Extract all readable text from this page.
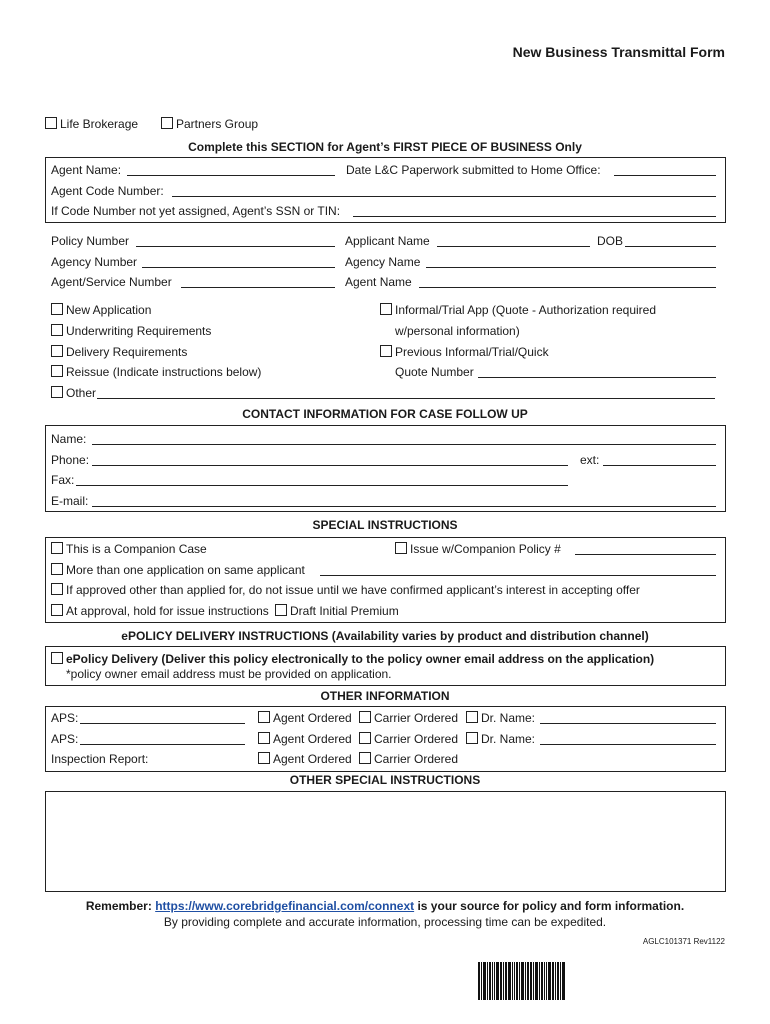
New Business Transmittal Form
Life Brokerage	Partners Group
Complete this SECTION for Agent’s FIRST PIECE OF BUSINESS Only
Agent Name:	Date L&C Paperwork submitted to Home Office:
Agent Code Number:
If Code Number not yet assigned, Agent’s SSN or TIN:
Policy Number	Applicant Name	DOB
Agency Number	Agency Name
Agent/Service Number	Agent Name
New Application
Underwriting Requirements
Delivery Requirements
Reissue (Indicate instructions below)
Other
Informal/Trial App (Quote - Authorization required
w/personal information)
Previous Informal/Trial/Quick
Quote Number
CONTACT INFORMATION FOR CASE FOLLOW UP
Name:
Phone:	ext:
Fax:
E-mail:
SPECIAL INSTRUCTIONS
This is a Companion Case	Issue w/Companion Policy #
More than one application on same applicant
If approved other than applied for, do not issue until we have confirmed applicant’s interest in accepting offer
At approval, hold for issue instructions	Draft Initial Premium
ePOLICY DELIVERY INSTRUCTIONS (Availability varies by product and distribution channel)
ePolicy Delivery (Deliver this policy electronically to the policy owner email address on the application)
*policy owner email address must be provided on application.
OTHER INFORMATION
APS:	Agent Ordered	Carrier Ordered	Dr. Name:
APS:	Agent Ordered	Carrier Ordered	Dr. Name:
Inspection Report:	Agent Ordered	Carrier Ordered
OTHER SPECIAL INSTRUCTIONS
Remember: https://www.corebridgefinancial.com/connext is your source for policy and form information.
By providing complete and accurate information, processing time can be expedited.
AGLC101371 Rev1122
